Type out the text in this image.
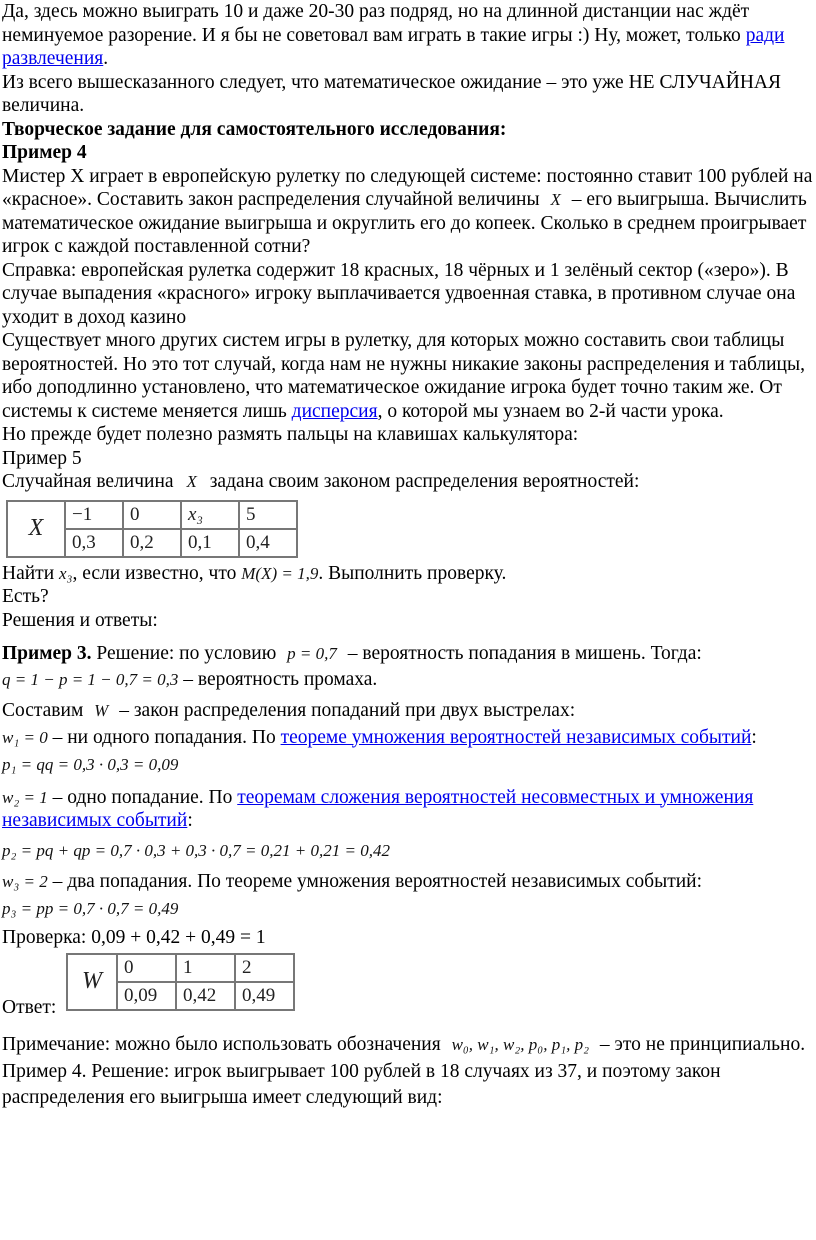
Да, здесь можно выиграть 10 и даже 20-30 раз подряд, но на длинной дистанции нас ждёт неминуемое разорение. И я бы не советовал вам играть в такие игры :) Ну, может, только ради развлечения.

Из всего вышесказанного следует, что математическое ожидание – это уже НЕ СЛУЧАЙНАЯ величина.

Творческое задание для самостоятельного исследования:

Пример 4

Мистер Х играет в европейскую рулетку по следующей системе: постоянно ставит 100 рублей на «красное». Составить закон распределения случайной величины X – его выигрыша. Вычислить математическое ожидание выигрыша и округлить его до копеек. Сколько в среднем проигрывает игрок с каждой поставленной сотни?

Справка: европейская рулетка содержит 18 красных, 18 чёрных и 1 зелёный сектор («зеро»). В случае выпадения «красного» игроку выплачивается удвоенная ставка, в противном случае она уходит в доход казино

Существует много других систем игры в рулетку, для которых можно составить свои таблицы вероятностей. Но это тот случай, когда нам не нужны никакие законы распределения и таблицы, ибо доподлинно установлено, что математическое ожидание игрока будет точно таким же. От системы к системе меняется лишь дисперсия, о которой мы узнаем во 2-й части урока.

Но прежде будет полезно размять пальцы на клавишах калькулятора:

Пример 5

Случайная величина X задана своим законом распределения вероятностей:

X	−1	0	x₃	5
	0,3	0,2	0,1	0,4

Найти x₃, если известно, что M(X) = 1,9. Выполнить проверку.

Есть?

Решения и ответы:

Пример 3. Решение: по условию p = 0,7 – вероятность попадания в мишень. Тогда:

q = 1 − p = 1 − 0,7 = 0,3 – вероятность промаха.

Составим W – закон распределения попаданий при двух выстрелах:

w₁ = 0 – ни одного попадания. По теореме умножения вероятностей независимых событий:

p₁ = qq = 0,3 · 0,3 = 0,09

w₂ = 1 – одно попадание. По теоремам сложения вероятностей несовместных и умножения независимых событий:

p₂ = pq + qp = 0,7 · 0,3 + 0,3 · 0,7 = 0,21 + 0,21 = 0,42

w₃ = 2 – два попадания. По теореме умножения вероятностей независимых событий:

p₃ = pp = 0,7 · 0,7 = 0,49

Проверка: 0,09 + 0,42 + 0,49 = 1

Ответ:
W	0	1	2
	0,09	0,42	0,49

Примечание: можно было использовать обозначения w₀, w₁, w₂, p₀, p₁, p₂ – это не принципиально.

Пример 4. Решение: игрок выигрывает 100 рублей в 18 случаях из 37, и поэтому закон распределения его выигрыша имеет следующий вид:
